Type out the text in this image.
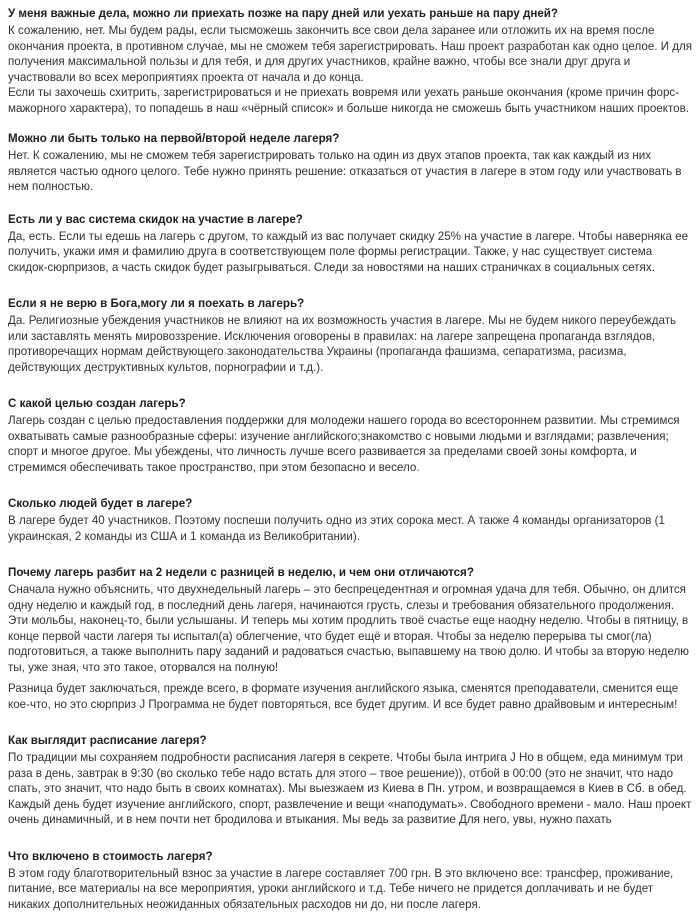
У меня важные дела, можно ли приехать позже на пару дней или уехать раньше на пару дней?

К сожалению, нет. Мы будем рады, если тысможешь закончить все свои дела заранее или отложить их на время после окончания проекта, в противном случае, мы не сможем тебя зарегистрировать. Наш проект разработан как одно целое. И для получения максимальной пользы и для тебя, и для других участников, крайне важно, чтобы все знали друг друга и участвовали во всех мероприятиях проекта от начала и до конца.

Если ты захочешь схитрить, зарегистрироваться и не приехать вовремя или уехать раньше окончания (кроме причин форс-мажорного характера), то попадешь в наш «чёрный список» и больше никогда не сможешь быть участником наших проектов.

Можно ли быть только на первой/второй неделе лагеря?

Нет. К сожалению, мы не сможем тебя зарегистрировать только на один из двух этапов проекта, так как каждый из них является частью одного целого. Тебе нужно принять решение: отказаться от участия в лагере в этом году или участвовать в нем полностью.

Есть ли у вас система скидок на участие в лагере?

Да, есть. Если ты едешь на лагерь с другом, то каждый из вас получает скидку 25% на участие в лагере. Чтобы наверняка ее получить, укажи имя и фамилию друга в соответствующем поле формы регистрации. Также, у нас существует система скидок-сюрпризов, а часть скидок будет разыгрываться. Следи за новостями на наших страничках в социальных сетях.

Если я не верю в Бога,могу ли я поехать в лагерь?

Да. Религиозные убеждения участников не влияют на их возможность участия в лагере. Мы не будем никого переубеждать или заставлять менять мировоззрение. Исключения оговорены в правилах: на лагере запрещена пропаганда взглядов, противоречащих нормам действующего законодательства Украины (пропаганда фашизма, сепаратизма, расизма, действующих деструктивных культов, порнографии и т.д.).

С какой целью создан лагерь?

Лагерь создан с целью предоставления поддержки для молодежи нашего города во всестороннем развитии. Мы стремимся охватывать самые разнообразные сферы: изучение английского;знакомство с новыми людьми и взглядами; развлечения; спорт и многое другое. Мы убеждены, что личность лучше всего развивается за пределами своей зоны комфорта, и стремимся обеспечивать такое пространство, при этом безопасно и весело.

Сколько людей будет в лагере?

В лагере будет 40 участников. Поэтому поспеши получить одно из этих сорока мест. А также 4 команды организаторов (1 украинская, 2 команды из США и 1 команда из Великобритании).

Почему лагерь разбит на 2 недели с разницей в неделю, и чем они отличаются?

Сначала нужно объяснить, что двухнедельный лагерь – это беспрецедентная и огромная удача для тебя. Обычно, он длится одну неделю и каждый год, в последний день лагеря, начинаются грусть, слезы и требования обязательного продолжения. Эти мольбы, наконец-то, были услышаны. И теперь мы хотим продлить твоё счастье еще наодну неделю. Чтобы в пятницу, в конце первой части лагеря ты испытал(а) облегчение, что будет ещё и вторая. Чтобы за неделю перерыва ты смог(ла) подготовиться, а также выполнить пару заданий и радоваться счастью, выпавшему на твою долю. И чтобы за вторую неделю ты, уже зная, что это такое, оторвался на полную!

Разница будет заключаться, прежде всего, в формате изучения английского языка, сменятся преподаватели, сменится еще кое-что, но это сюрприз J Программа не будет повторяться, все будет другим. И все будет равно драйвовым и интересным!

Как выглядит расписание лагеря?

По традиции мы сохраняем подробности расписания лагеря в секрете. Чтобы была интрига J Но в общем, еда минимум три раза в день, завтрак в 9:30 (во сколько тебе надо встать для этого – твое решение)), отбой в 00:00 (это не значит, что надо спать, это значит, что надо быть в своих комнатах). Мы выезжаем из Киева в Пн. утром, и возвращаемся в Киев в Сб. в обед. Каждый день будет изучение английского, спорт, развлечение и вещи «наподумать». Свободного времени - мало. Наш проект очень динамичный, и в нем почти нет бродилова и втыкания. Мы ведь за развитие Для него, увы, нужно пахать

Что включено в стоимость лагеря?

В этом году благотворительный взнос за участие в лагере составляет 700 грн. В это включено все: трансфер, проживание, питание, все материалы на все мероприятия, уроки английского и т.д. Тебе ничего не придется доплачивать и не будет никаких дополнительных неожиданных обязательных расходов ни до, ни после лагеря.
